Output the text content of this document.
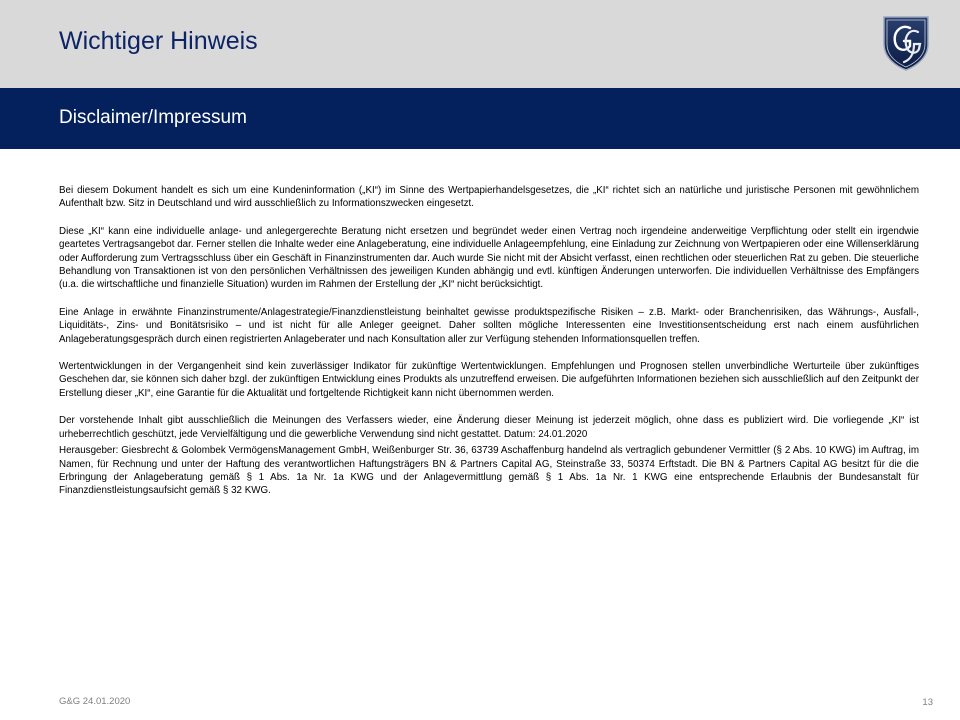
Wichtiger Hinweis
Disclaimer/Impressum

Bei diesem Dokument handelt es sich um eine Kundeninformation („KI“) im Sinne des Wertpapierhandelsgesetzes, die „KI“ richtet sich an natürliche und juristische Personen mit gewöhnlichem Aufenthalt bzw. Sitz in Deutschland und wird ausschließlich zu Informationszwecken eingesetzt.

Diese „KI“ kann eine individuelle anlage- und anlegergerechte Beratung nicht ersetzen und begründet weder einen Vertrag noch irgendeine anderweitige Verpflichtung oder stellt ein irgendwie geartetes Vertragsangebot dar. Ferner stellen die Inhalte weder eine Anlageberatung, eine individuelle Anlageempfehlung, eine Einladung zur Zeichnung von Wertpapieren oder eine Willenserklärung oder Aufforderung zum Vertragsschluss über ein Geschäft in Finanzinstrumenten dar. Auch wurde Sie nicht mit der Absicht verfasst, einen rechtlichen oder steuerlichen Rat zu geben. Die steuerliche Behandlung von Transaktionen ist von den persönlichen Verhältnissen des jeweiligen Kunden abhängig und evtl. künftigen Änderungen unterworfen. Die individuellen Verhältnisse des Empfängers (u.a. die wirtschaftliche und finanzielle Situation) wurden im Rahmen der Erstellung der „KI“ nicht berücksichtigt.

Eine Anlage in erwähnte Finanzinstrumente/Anlagestrategie/Finanzdienstleistung beinhaltet gewisse produktspezifische Risiken – z.B. Markt- oder Branchenrisiken, das Währungs-, Ausfall-, Liquiditäts-, Zins- und Bonitätsrisiko – und ist nicht für alle Anleger geeignet. Daher sollten mögliche Interessenten eine Investitionsentscheidung erst nach einem ausführlichen Anlageberatungsgespräch durch einen registrierten Anlageberater und nach Konsultation aller zur Verfügung stehenden Informationsquellen treffen.

Wertentwicklungen in der Vergangenheit sind kein zuverlässiger Indikator für zukünftige Wertentwicklungen. Empfehlungen und Prognosen stellen unverbindliche Werturteile über zukünftiges Geschehen dar, sie können sich daher bzgl. der zukünftigen Entwicklung eines Produkts als unzutreffend erweisen. Die aufgeführten Informationen beziehen sich ausschließlich auf den Zeitpunkt der Erstellung dieser „KI“, eine Garantie für die Aktualität und fortgeltende Richtigkeit kann nicht übernommen werden.

Der vorstehende Inhalt gibt ausschließlich die Meinungen des Verfassers wieder, eine Änderung dieser Meinung ist jederzeit möglich, ohne dass es publiziert wird. Die vorliegende „KI“ ist urheberrechtlich geschützt, jede Vervielfältigung und die gewerbliche Verwendung sind nicht gestattet. Datum: 24.01.2020

Herausgeber: Giesbrecht & Golombek VermögensManagement GmbH, Weißenburger Str. 36, 63739 Aschaffenburg handelnd als vertraglich gebundener Vermittler (§ 2 Abs. 10 KWG) im Auftrag, im Namen, für Rechnung und unter der Haftung des verantwortlichen Haftungsträgers BN & Partners Capital AG, Steinstraße 33, 50374 Erftstadt. Die BN & Partners Capital AG besitzt für die die Erbringung der Anlageberatung gemäß § 1 Abs. 1a Nr. 1a KWG und der Anlagevermittlung gemäß § 1 Abs. 1a Nr. 1 KWG eine entsprechende Erlaubnis der Bundesanstalt für Finanzdienstleistungsaufsicht gemäß § 32 KWG.

G&G 24.01.2020	13
